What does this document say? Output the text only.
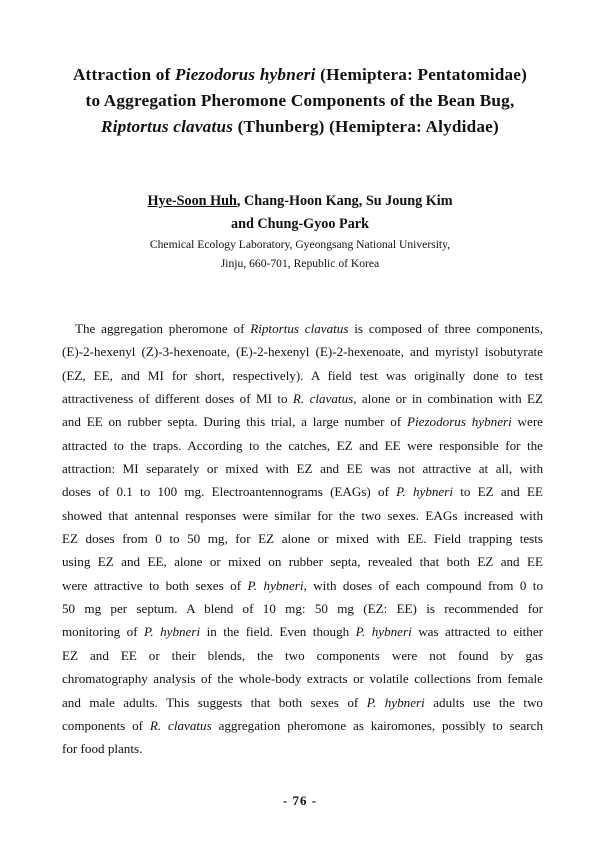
Attraction of Piezodorus hybneri (Hemiptera: Pentatomidae)
to Aggregation Pheromone Components of the Bean Bug,
Riptortus clavatus (Thunberg) (Hemiptera: Alydidae)
Hye-Soon Huh, Chang-Hoon Kang, Su Joung Kim
and Chung-Gyoo Park
Chemical Ecology Laboratory, Gyeongsang National University,
Jinju, 660-701, Republic of Korea
The aggregation pheromone of Riptortus clavatus is composed of three components,
(E)-2-hexenyl (Z)-3-hexenoate, (E)-2-hexenyl (E)-2-hexenoate, and myristyl isobutyrate
(EZ, EE, and MI for short, respectively). A field test was originally done to test
attractiveness of different doses of MI to R. clavatus, alone or in combination with EZ
and EE on rubber septa. During this trial, a large number of Piezodorus hybneri were
attracted to the traps. According to the catches, EZ and EE were responsible for the
attraction: MI separately or mixed with EZ and EE was not attractive at all, with
doses of 0.1 to 100 mg. Electroantennograms (EAGs) of P. hybneri to EZ and EE
showed that antennal responses were similar for the two sexes. EAGs increased with
EZ doses from 0 to 50 mg, for EZ alone or mixed with EE. Field trapping tests
using EZ and EE, alone or mixed on rubber septa, revealed that both EZ and EE
were attractive to both sexes of P. hybneri, with doses of each compound from 0 to
50 mg per septum. A blend of 10 mg: 50 mg (EZ: EE) is recommended for
monitoring of P. hybneri in the field. Even though P. hybneri was attracted to either
EZ and EE or their blends, the two components were not found by gas
chromatography analysis of the whole-body extracts or volatile collections from female
and male adults. This suggests that both sexes of P. hybneri adults use the two
components of R. clavatus aggregation pheromone as kairomones, possibly to search
for food plants.
- 76 -
